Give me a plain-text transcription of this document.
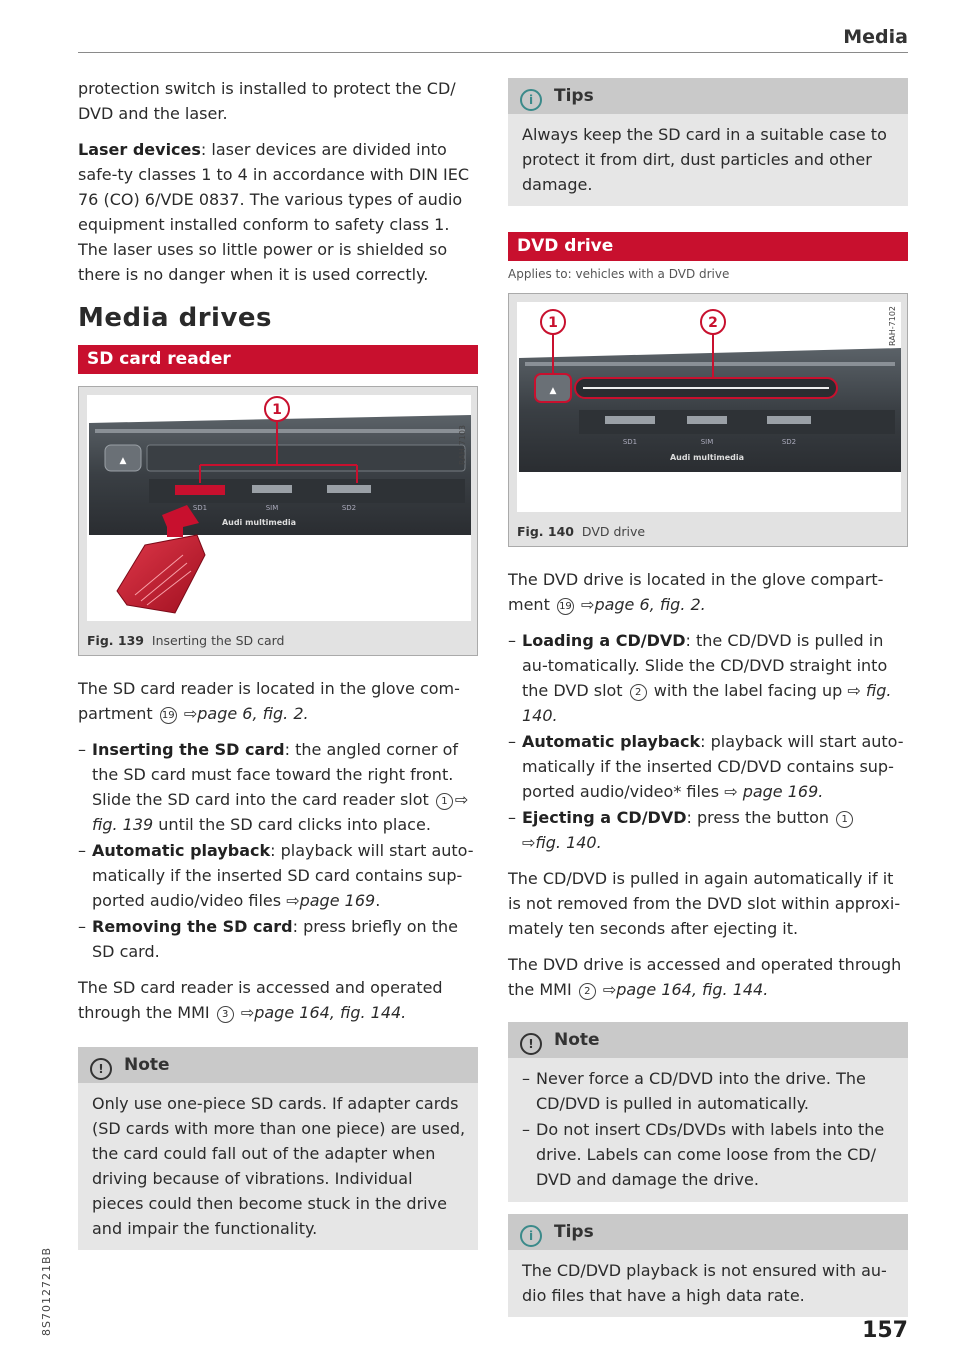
Media

protection switch is installed to protect the CD/ DVD and the laser.

Laser devices: laser devices are divided into safe-ty classes 1 to 4 in accordance with DIN IEC 76 (CO) 6/VDE 0837. The various types of audio equipment installed conform to safety class 1. The laser uses so little power or is shielded so there is no danger when it is used correctly.

Media drives
SD card reader
▲
SD1	SIM	SD2
Audi multimedia
1
RAH-7103
Fig. 139 Inserting the SD card

The SD card reader is located in the glove com-partment 19 ⇨page 6, fig. 2.

– Inserting the SD card: the angled corner of the SD card must face toward the right front. Slide the SD card into the card reader slot 1 ⇨ fig. 139 until the SD card clicks into place.
– Automatic playback: playback will start auto-matically if the inserted SD card contains sup-ported audio/video files ⇨page 169.
– Removing the SD card: press briefly on the SD card.

The SD card reader is accessed and operated through the MMI 3 ⇨page 164, fig. 144.

! Note

Only use one-piece SD cards. If adapter cards (SD cards with more than one piece) are used, the card could fall out of the adapter when driving because of vibrations. Individual pieces could then become stuck in the drive and impair the functionality.

i Tips

Always keep the SD card in a suitable case to protect it from dirt, dust particles and other damage.

DVD drive
Applies to: vehicles with a DVD drive
▲
SD1	SIM	SD2
Audi multimedia
1	2	RAH-7102
Fig. 140 DVD drive

The DVD drive is located in the glove compart-ment 19 ⇨page 6, fig. 2.

– Loading a CD/DVD: the CD/DVD is pulled in au-tomatically. Slide the CD/DVD straight into the DVD slot 2 with the label facing up ⇨ fig. 140.
– Automatic playback: playback will start auto-matically if the inserted CD/DVD contains sup-ported audio/video* files ⇨ page 169.
– Ejecting a CD/DVD: press the button 1
⇨fig. 140.

The CD/DVD is pulled in again automatically if it is not removed from the DVD slot within approxi-mately ten seconds after ejecting it.

The DVD drive is accessed and operated through the MMI 2 ⇨page 164, fig. 144.

! Note
– Never force a CD/DVD into the drive. The CD/DVD is pulled in automatically.
– Do not insert CDs/DVDs with labels into the drive. Labels can come loose from the CD/ DVD and damage the drive.
i Tips

The CD/DVD playback is not ensured with au-dio files that have a high data rate.

8S7012721BB	157
